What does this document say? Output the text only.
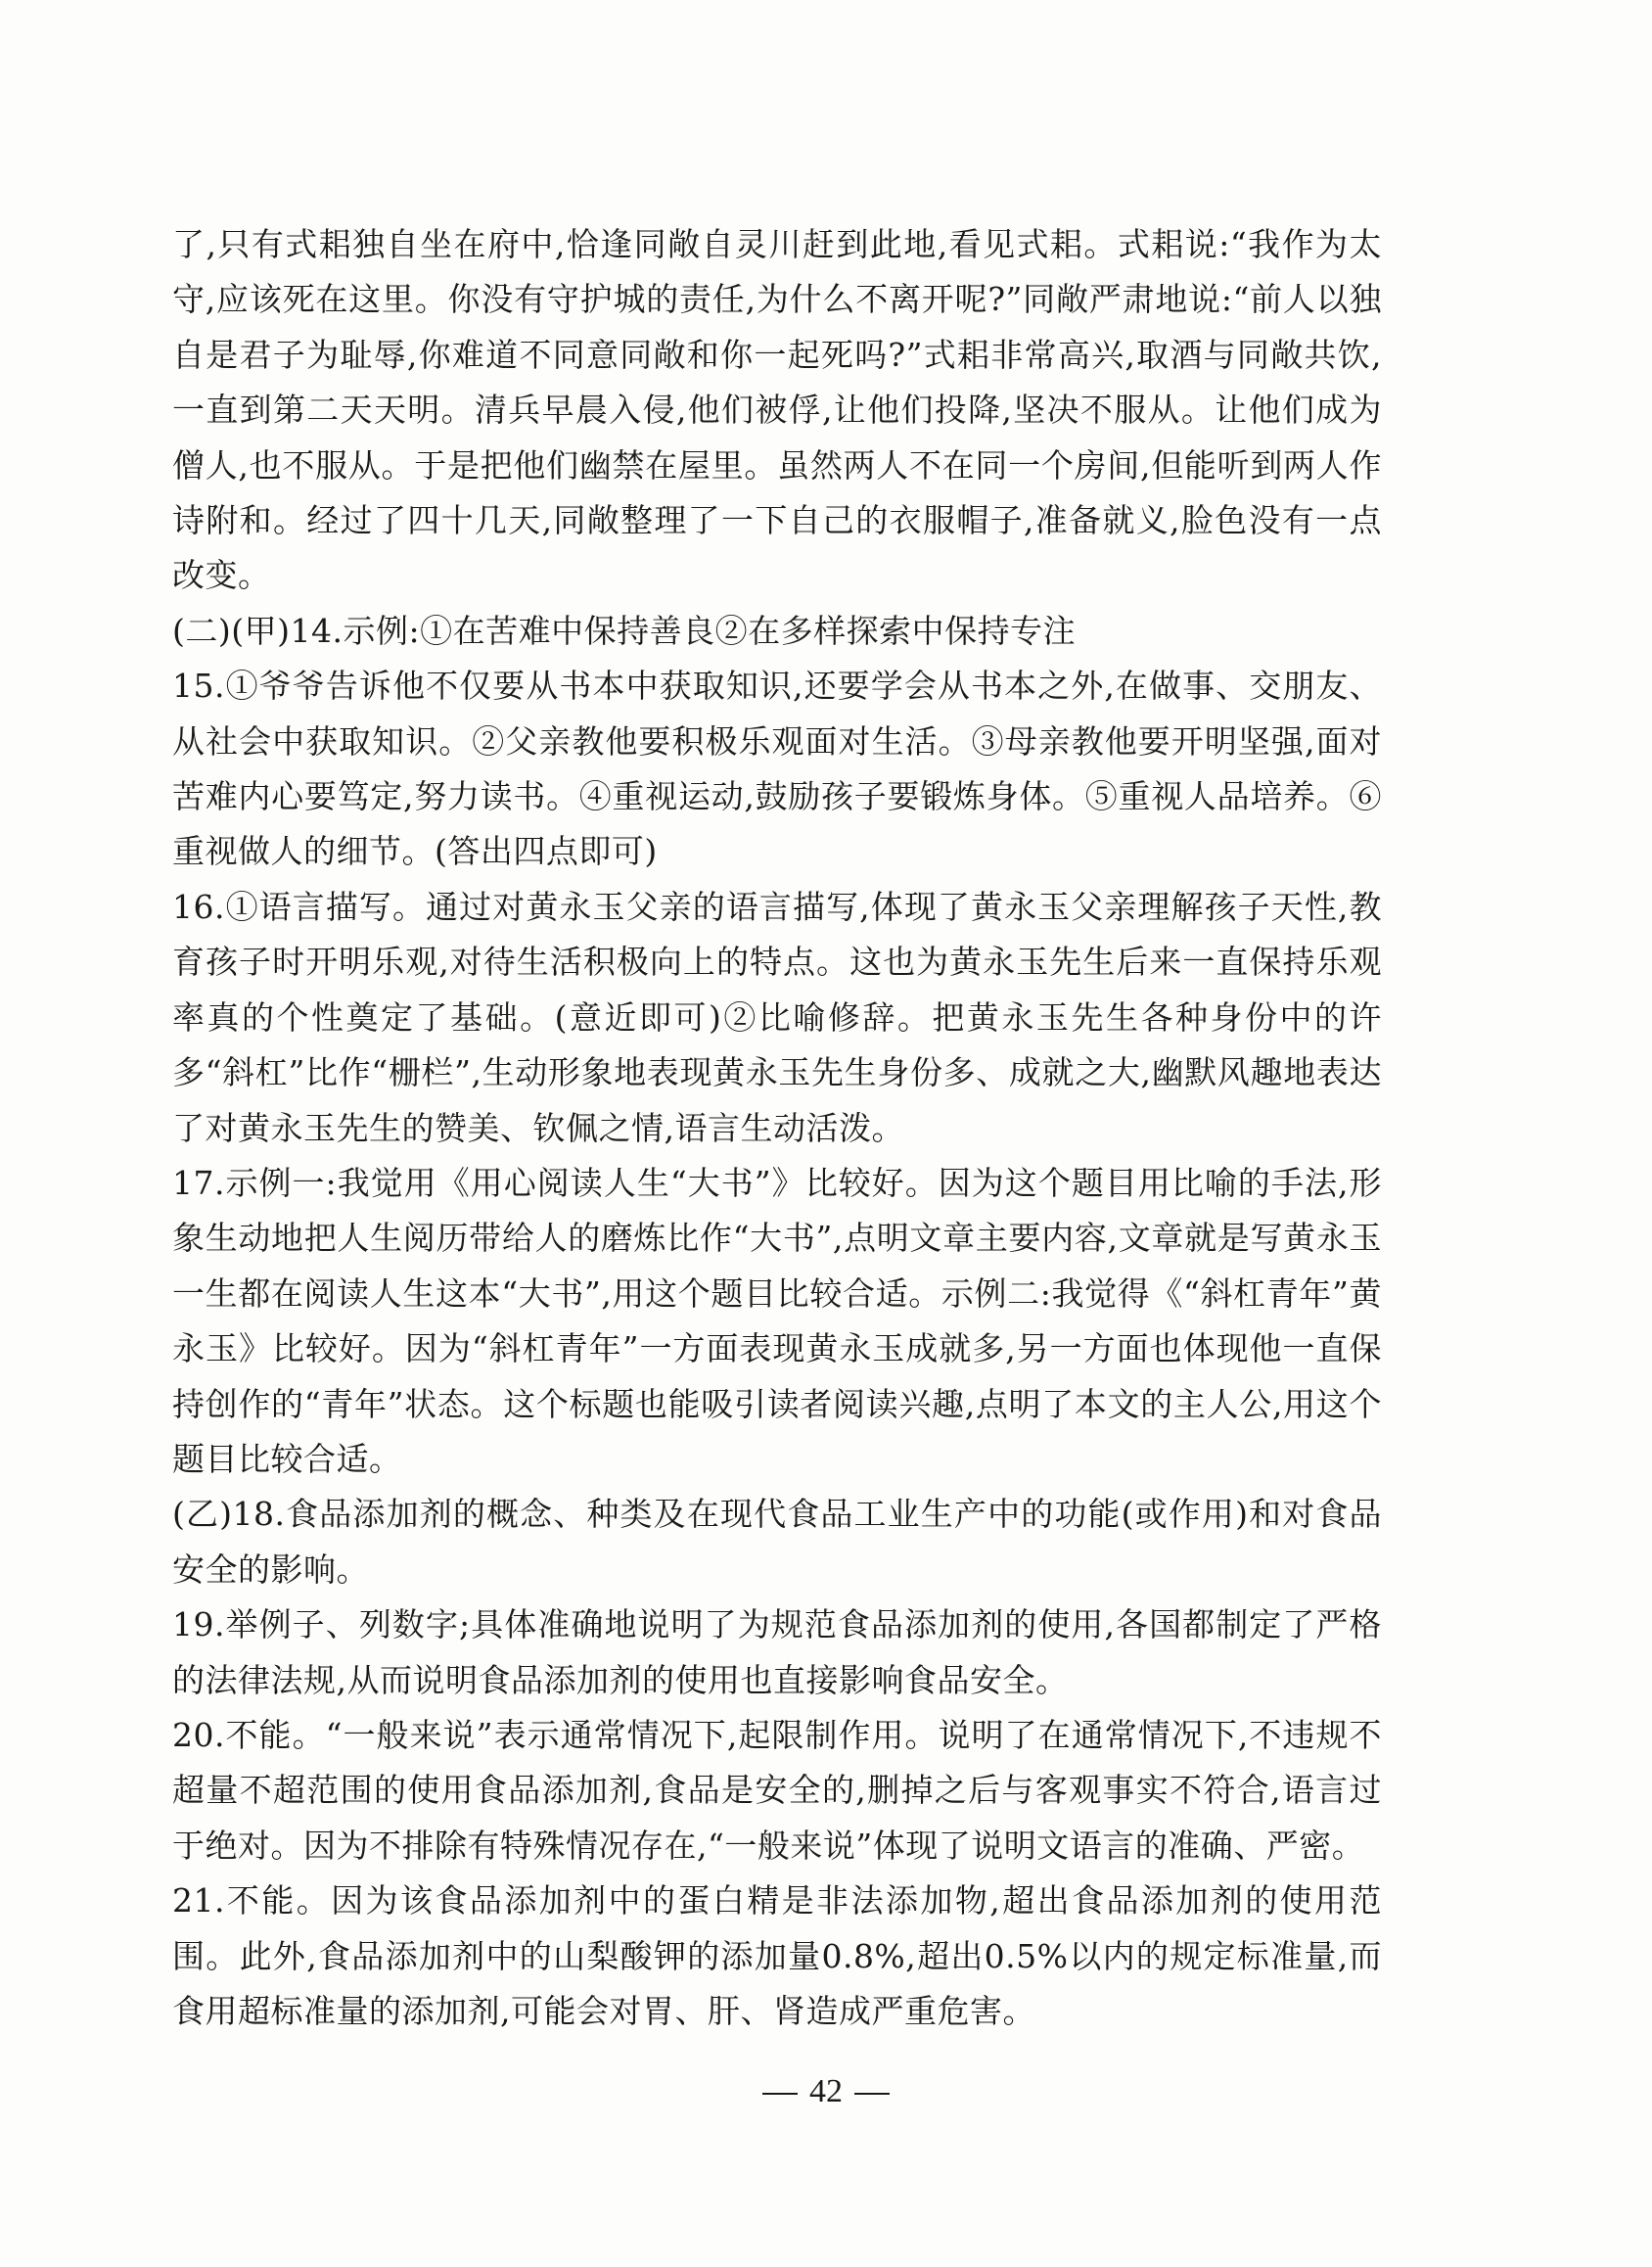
了,只有式耜独自坐在府中,恰逢同敞自灵川赶到此地,看见式耜。式耜说:“我作为太守,应该死在这里。你没有守护城的责任,为什么不离开呢?”同敞严肃地说:“前人以独自是君子为耻辱,你难道不同意同敞和你一起死吗?”式耜非常高兴,取酒与同敞共饮,一直到第二天天明。清兵早晨入侵,他们被俘,让他们投降,坚决不服从。让他们成为僧人,也不服从。于是把他们幽禁在屋里。虽然两人不在同一个房间,但能听到两人作诗附和。经过了四十几天,同敞整理了一下自己的衣服帽子,准备就义,脸色没有一点改变。

(二)(甲)14.示例:①在苦难中保持善良②在多样探索中保持专注

15.①爷爷告诉他不仅要从书本中获取知识,还要学会从书本之外,在做事、交朋友、从社会中获取知识。②父亲教他要积极乐观面对生活。③母亲教他要开明坚强,面对苦难内心要笃定,努力读书。④重视运动,鼓励孩子要锻炼身体。⑤重视人品培养。⑥重视做人的细节。(答出四点即可)

16.①语言描写。通过对黄永玉父亲的语言描写,体现了黄永玉父亲理解孩子天性,教育孩子时开明乐观,对待生活积极向上的特点。这也为黄永玉先生后来一直保持乐观率真的个性奠定了基础。(意近即可)②比喻修辞。把黄永玉先生各种身份中的许多“斜杠”比作“栅栏”,生动形象地表现黄永玉先生身份多、成就之大,幽默风趣地表达了对黄永玉先生的赞美、钦佩之情,语言生动活泼。

17.示例一:我觉用《用心阅读人生“大书”》比较好。因为这个题目用比喻的手法,形象生动地把人生阅历带给人的磨炼比作“大书”,点明文章主要内容,文章就是写黄永玉一生都在阅读人生这本“大书”,用这个题目比较合适。示例二:我觉得《“斜杠青年”黄永玉》比较好。因为“斜杠青年”一方面表现黄永玉成就多,另一方面也体现他一直保持创作的“青年”状态。这个标题也能吸引读者阅读兴趣,点明了本文的主人公,用这个题目比较合适。

(乙)18.食品添加剂的概念、种类及在现代食品工业生产中的功能(或作用)和对食品安全的影响。

19.举例子、列数字;具体准确地说明了为规范食品添加剂的使用,各国都制定了严格的法律法规,从而说明食品添加剂的使用也直接影响食品安全。

20.不能。“一般来说”表示通常情况下,起限制作用。说明了在通常情况下,不违规不超量不超范围的使用食品添加剂,食品是安全的,删掉之后与客观事实不符合,语言过于绝对。因为不排除有特殊情况存在,“一般来说”体现了说明文语言的准确、严密。

21.不能。因为该食品添加剂中的蛋白精是非法添加物,超出食品添加剂的使用范围。此外,食品添加剂中的山梨酸钾的添加量0.8%,超出0.5%以内的规定标准量,而食用超标准量的添加剂,可能会对胃、肝、肾造成严重危害。

42
